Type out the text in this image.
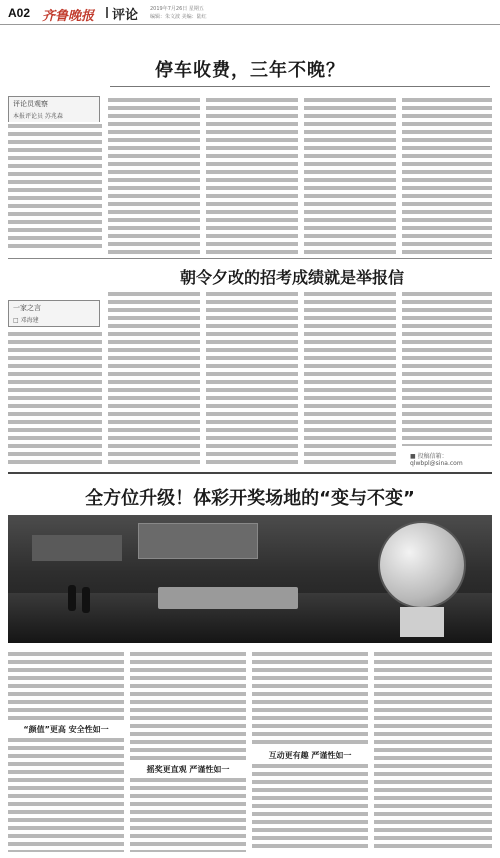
A02 齐鲁晚报 评论 2019年7月26日 星期五
编辑：朱文波 美编：陆红
停车收费，三年不晚？
评论员观察
本报评论员 苏兆森
朝令夕改的招考成绩就是举报信
一家之言
□ 邓海建
■ 投稿信箱：qlwbpl@sina.com
全方位升级！体彩开奖场地的“变与不变”
“颜值”更高 安全性如一
摇奖更直观 严谨性如一
互动更有趣 严谨性如一
